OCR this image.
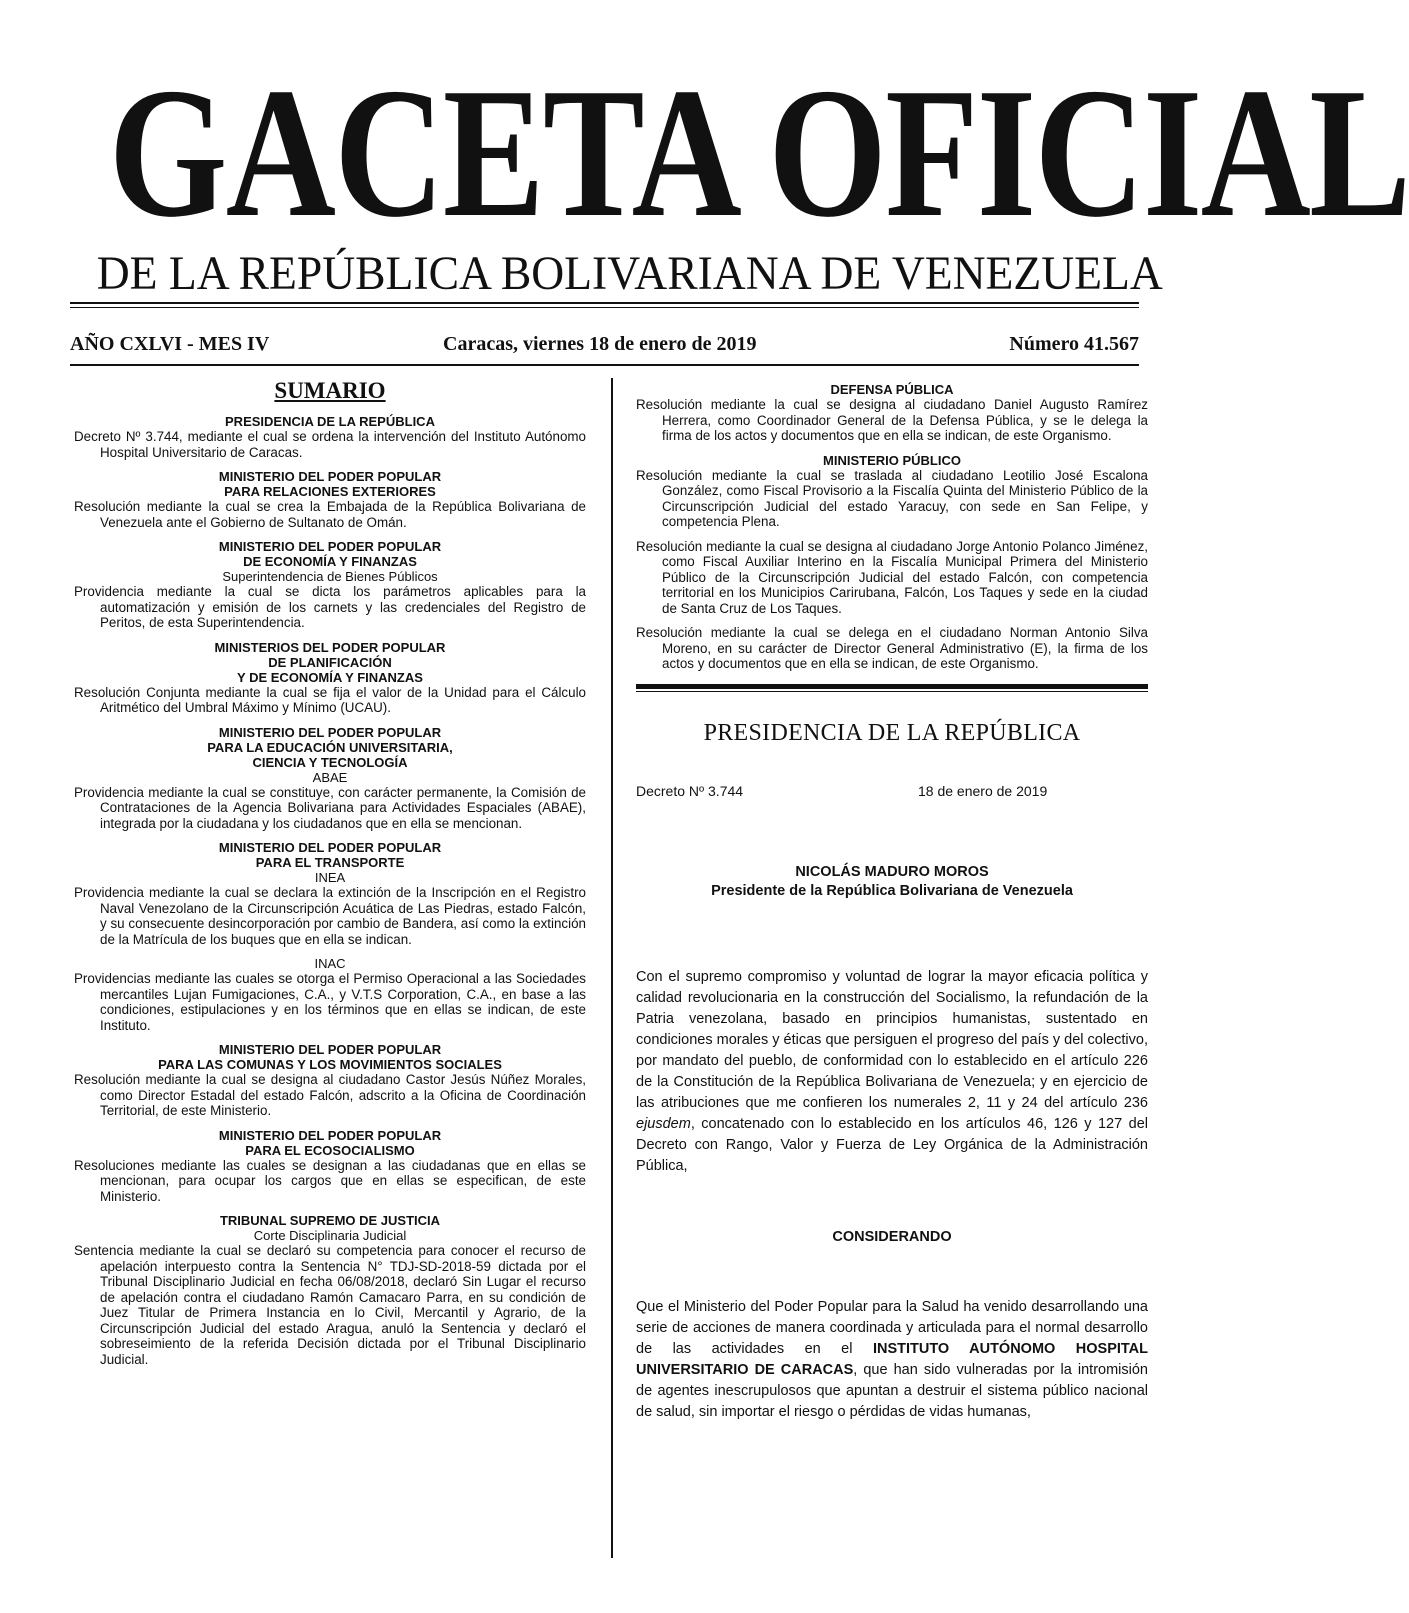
GACETA OFICIAL
DE LA REPÚBLICA BOLIVARIANA DE VENEZUELA
AÑO CXLVI - MES IV	Caracas, viernes 18 de enero de 2019	Número 41.567
SUMARIO
PRESIDENCIA DE LA REPÚBLICA

Decreto Nº 3.744, mediante el cual se ordena la intervención del Instituto Autónomo Hospital Universitario de Caracas.

MINISTERIO DEL PODER POPULAR
PARA RELACIONES EXTERIORES

Resolución mediante la cual se crea la Embajada de la República Bolivariana de Venezuela ante el Gobierno de Sultanato de Omán.

MINISTERIO DEL PODER POPULAR
DE ECONOMÍA Y FINANZAS
Superintendencia de Bienes Públicos

Providencia mediante la cual se dicta los parámetros aplicables para la automatización y emisión de los carnets y las credenciales del Registro de Peritos, de esta Superintendencia.

MINISTERIOS DEL PODER POPULAR
DE PLANIFICACIÓN
Y DE ECONOMÍA Y FINANZAS

Resolución Conjunta mediante la cual se fija el valor de la Unidad para el Cálculo Aritmético del Umbral Máximo y Mínimo (UCAU).

MINISTERIO DEL PODER POPULAR
PARA LA EDUCACIÓN UNIVERSITARIA,
CIENCIA Y TECNOLOGÍA
ABAE

Providencia mediante la cual se constituye, con carácter permanente, la Comisión de Contrataciones de la Agencia Bolivariana para Actividades Espaciales (ABAE), integrada por la ciudadana y los ciudadanos que en ella se mencionan.

MINISTERIO DEL PODER POPULAR
PARA EL TRANSPORTE
INEA

Providencia mediante la cual se declara la extinción de la Inscripción en el Registro Naval Venezolano de la Circunscripción Acuática de Las Piedras, estado Falcón, y su consecuente desincorporación por cambio de Bandera, así como la extinción de la Matrícula de los buques que en ella se indican.

INAC

Providencias mediante las cuales se otorga el Permiso Operacional a las Sociedades mercantiles Lujan Fumigaciones, C.A., y V.T.S Corporation, C.A., en base a las condiciones, estipulaciones y en los términos que en ellas se indican, de este Instituto.

MINISTERIO DEL PODER POPULAR
PARA LAS COMUNAS Y LOS MOVIMIENTOS SOCIALES

Resolución mediante la cual se designa al ciudadano Castor Jesús Núñez Morales, como Director Estadal del estado Falcón, adscrito a la Oficina de Coordinación Territorial, de este Ministerio.

MINISTERIO DEL PODER POPULAR
PARA EL ECOSOCIALISMO

Resoluciones mediante las cuales se designan a las ciudadanas que en ellas se mencionan, para ocupar los cargos que en ellas se especifican, de este Ministerio.

TRIBUNAL SUPREMO DE JUSTICIA
Corte Disciplinaria Judicial

Sentencia mediante la cual se declaró su competencia para conocer el recurso de apelación interpuesto contra la Sentencia N° TDJ-SD-2018-59 dictada por el Tribunal Disciplinario Judicial en fecha 06/08/2018, declaró Sin Lugar el recurso de apelación contra el ciudadano Ramón Camacaro Parra, en su condición de Juez Titular de Primera Instancia en lo Civil, Mercantil y Agrario, de la Circunscripción Judicial del estado Aragua, anuló la Sentencia y declaró el sobreseimiento de la referida Decisión dictada por el Tribunal Disciplinario Judicial.

DEFENSA PÚBLICA

Resolución mediante la cual se designa al ciudadano Daniel Augusto Ramírez Herrera, como Coordinador General de la Defensa Pública, y se le delega la firma de los actos y documentos que en ella se indican, de este Organismo.

MINISTERIO PÚBLICO

Resolución mediante la cual se traslada al ciudadano Leotilio José Escalona González, como Fiscal Provisorio a la Fiscalía Quinta del Ministerio Público de la Circunscripción Judicial del estado Yaracuy, con sede en San Felipe, y competencia Plena.

Resolución mediante la cual se designa al ciudadano Jorge Antonio Polanco Jiménez, como Fiscal Auxiliar Interino en la Fiscalía Municipal Primera del Ministerio Público de la Circunscripción Judicial del estado Falcón, con competencia territorial en los Municipios Carirubana, Falcón, Los Taques y sede en la ciudad de Santa Cruz de Los Taques.

Resolución mediante la cual se delega en el ciudadano Norman Antonio Silva Moreno, en su carácter de Director General Administrativo (E), la firma de los actos y documentos que en ella se indican, de este Organismo.

PRESIDENCIA DE LA REPÚBLICA
Decreto Nº 3.744	18 de enero de 2019
NICOLÁS MADURO MOROS
Presidente de la República Bolivariana de Venezuela

Con el supremo compromiso y voluntad de lograr la mayor eficacia política y calidad revolucionaria en la construcción del Socialismo, la refundación de la Patria venezolana, basado en principios humanistas, sustentado en condiciones morales y éticas que persiguen el progreso del país y del colectivo, por mandato del pueblo, de conformidad con lo establecido en el artículo 226 de la Constitución de la República Bolivariana de Venezuela; y en ejercicio de las atribuciones que me confieren los numerales 2, 11 y 24 del artículo 236 ejusdem, concatenado con lo establecido en los artículos 46, 126 y 127 del Decreto con Rango, Valor y Fuerza de Ley Orgánica de la Administración Pública,

CONSIDERANDO

Que el Ministerio del Poder Popular para la Salud ha venido desarrollando una serie de acciones de manera coordinada y articulada para el normal desarrollo de las actividades en el INSTITUTO AUTÓNOMO HOSPITAL UNIVERSITARIO DE CARACAS, que han sido vulneradas por la intromisión de agentes inescrupulosos que apuntan a destruir el sistema público nacional de salud, sin importar el riesgo o pérdidas de vidas humanas,
